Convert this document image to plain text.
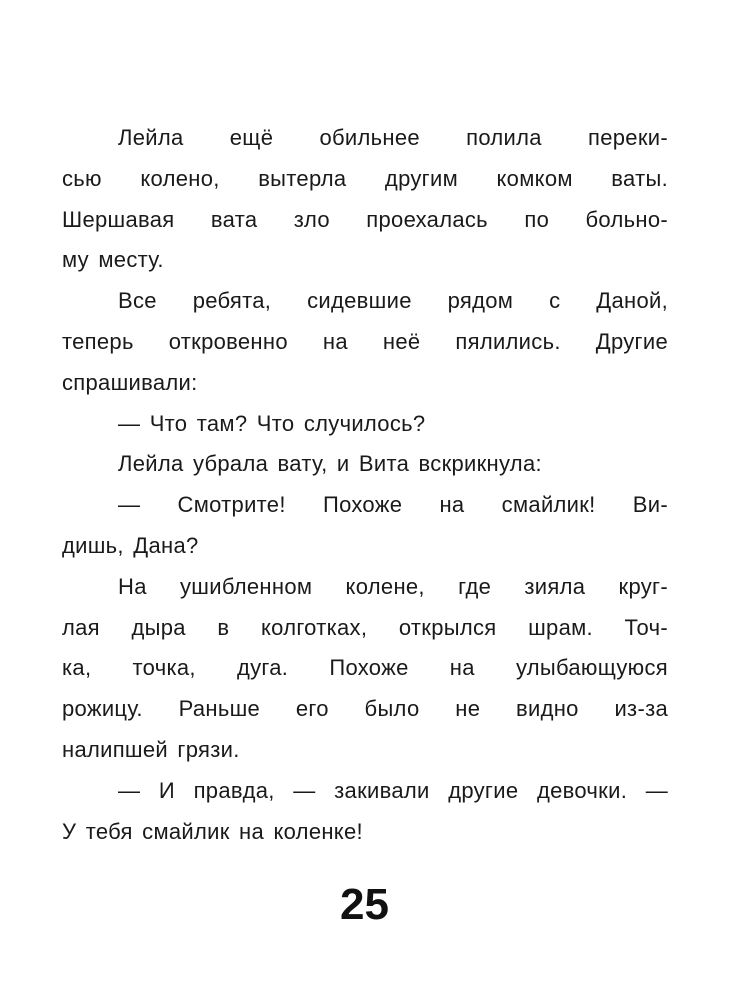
Лейла ещё обильнее полила переки-
сью колено, вытерла другим комком ваты.
Шершавая вата зло проехалась по больно-
му месту.
Все ребята, сидевшие рядом с Даной,
теперь откровенно на неё пялились. Другие
спрашивали:
— Что там? Что случилось?
Лейла убрала вату, и Вита вскрикнула:
— Смотрите! Похоже на смайлик! Ви-
дишь, Дана?
На ушибленном колене, где зияла круг-
лая дыра в колготках, открылся шрам. Точ-
ка, точка, дуга. Похоже на улыбающуюся
рожицу. Раньше его было не видно из-за
налипшей грязи.
— И правда, — закивали другие девочки. —
У тебя смайлик на коленке!
25
